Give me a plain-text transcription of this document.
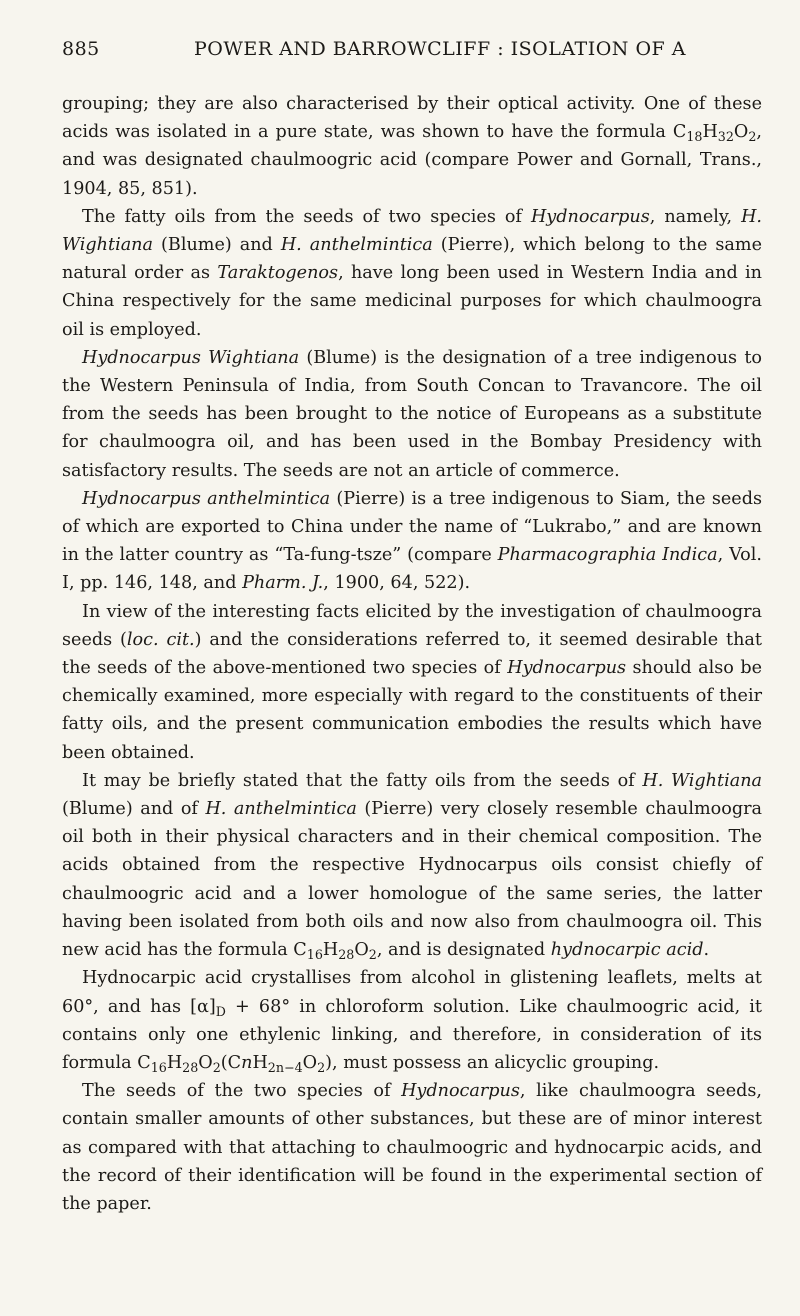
885	POWER AND BARROWCLIFF : ISOLATION OF A

grouping; they are also characterised by their optical activity. One of these acids was isolated in a pure state, was shown to have the formula $C_{18}H_{32}O_2$, and was designated chaulmoogric acid (compare Power and Gornall, Trans., 1904, 85, 851).

The fatty oils from the seeds of two species of Hydnocarpus, namely, H. Wightiana (Blume) and H. anthelmintica (Pierre), which belong to the same natural order as Taraktogenos, have long been used in Western India and in China respectively for the same medicinal purposes for which chaulmoogra oil is employed.

Hydnocarpus Wightiana (Blume) is the designation of a tree indigenous to the Western Peninsula of India, from South Concan to Travancore. The oil from the seeds has been brought to the notice of Europeans as a substitute for chaulmoogra oil, and has been used in the Bombay Presidency with satisfactory results. The seeds are not an article of commerce.

Hydnocarpus anthelmintica (Pierre) is a tree indigenous to Siam, the seeds of which are exported to China under the name of “Lukrabo,” and are known in the latter country as “Ta-fung-tsze” (compare Pharmacographia Indica, Vol. I, pp. 146, 148, and Pharm. J., 1900, 64, 522).

In view of the interesting facts elicited by the investigation of chaulmoogra seeds (loc. cit.) and the considerations referred to, it seemed desirable that the seeds of the above-mentioned two species of Hydnocarpus should also be chemically examined, more especially with regard to the constituents of their fatty oils, and the present communication embodies the results which have been obtained.

It may be briefly stated that the fatty oils from the seeds of H. Wightiana (Blume) and of H. anthelmintica (Pierre) very closely resemble chaulmoogra oil both in their physical characters and in their chemical composition. The acids obtained from the respective Hydnocarpus oils consist chiefly of chaulmoogric acid and a lower homologue of the same series, the latter having been isolated from both oils and now also from chaulmoogra oil. This new acid has the formula $C_{16}H_{28}O_2$, and is designated hydnocarpic acid.

Hydnocarpic acid crystallises from alcohol in glistening leaflets, melts at 60°, and has $[\alpha]_D + 68^\circ$ in chloroform solution. Like chaulmoogric acid, it contains only one ethylenic linking, and therefore, in consideration of its formula $C_{16}H_{28}O_2(CnH_{2n-4}O_2)$, must possess an alicyclic grouping.

The seeds of the two species of Hydnocarpus, like chaulmoogra seeds, contain smaller amounts of other substances, but these are of minor interest as compared with that attaching to chaulmoogric and hydnocarpic acids, and the record of their identification will be found in the experimental section of the paper.
